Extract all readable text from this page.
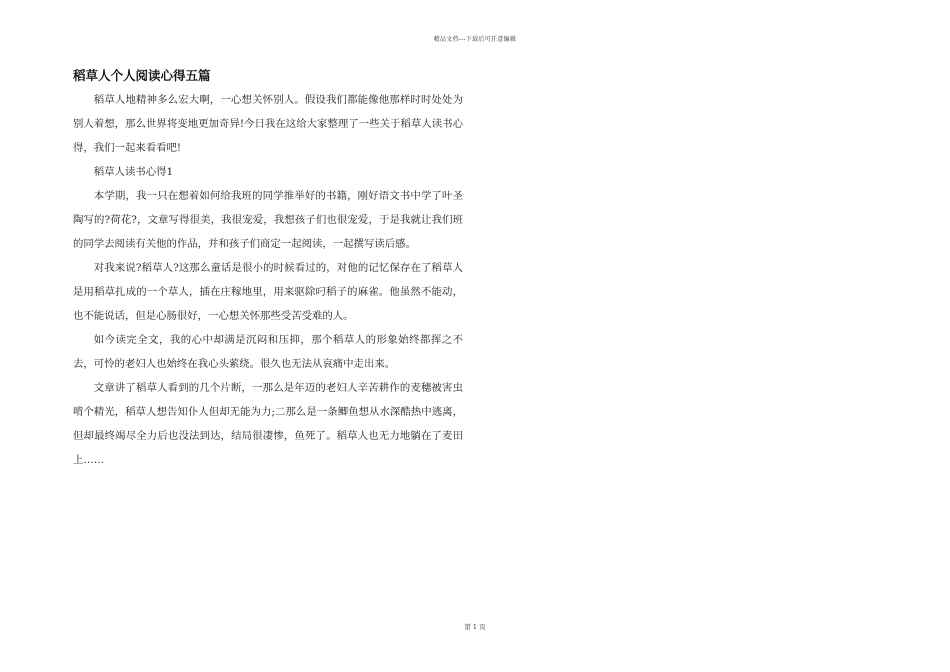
精品文档---下载后可任意编辑
稻草人个人阅读心得五篇

稻草人地精神多么宏大啊，一心想关怀别人。假设我们都能像他那样时时处处为别人着想，那么世界将变地更加奇异!今日我在这给大家整理了一些关于稻草人读书心得，我们一起来看看吧!

稻草人读书心得1

本学期，我一只在想着如何给我班的同学推举好的书籍，刚好语文书中学了叶圣陶写的?荷花?，文章写得很美，我很宠爱，我想孩子们也很宠爱，于是我就让我们班的同学去阅读有关他的作品，并和孩子们商定一起阅读，一起撰写读后感。

对我来说?稻草人?这那么童话是很小的时候看过的，对他的记忆保存在了稻草人是用稻草扎成的一个草人，插在庄稼地里，用来驱除叼稻子的麻雀。他虽然不能动，也不能说话，但是心肠很好，一心想关怀那些受苦受难的人。

如今读完全文，我的心中却满是沉闷和压抑，那个稻草人的形象始终都挥之不去，可怜的老妇人也始终在我心头萦绕。很久也无法从哀痛中走出来。

文章讲了稻草人看到的几个片断，一那么是年迈的老妇人辛苦耕作的麦穗被害虫啃个精光，稻草人想告知仆人但却无能为力;二那么是一条鲫鱼想从水深酷热中逃离，但却最终竭尽全力后也没法到达，结局很凄惨，鱼死了。稻草人也无力地躺在了麦田上……

第 1 页
